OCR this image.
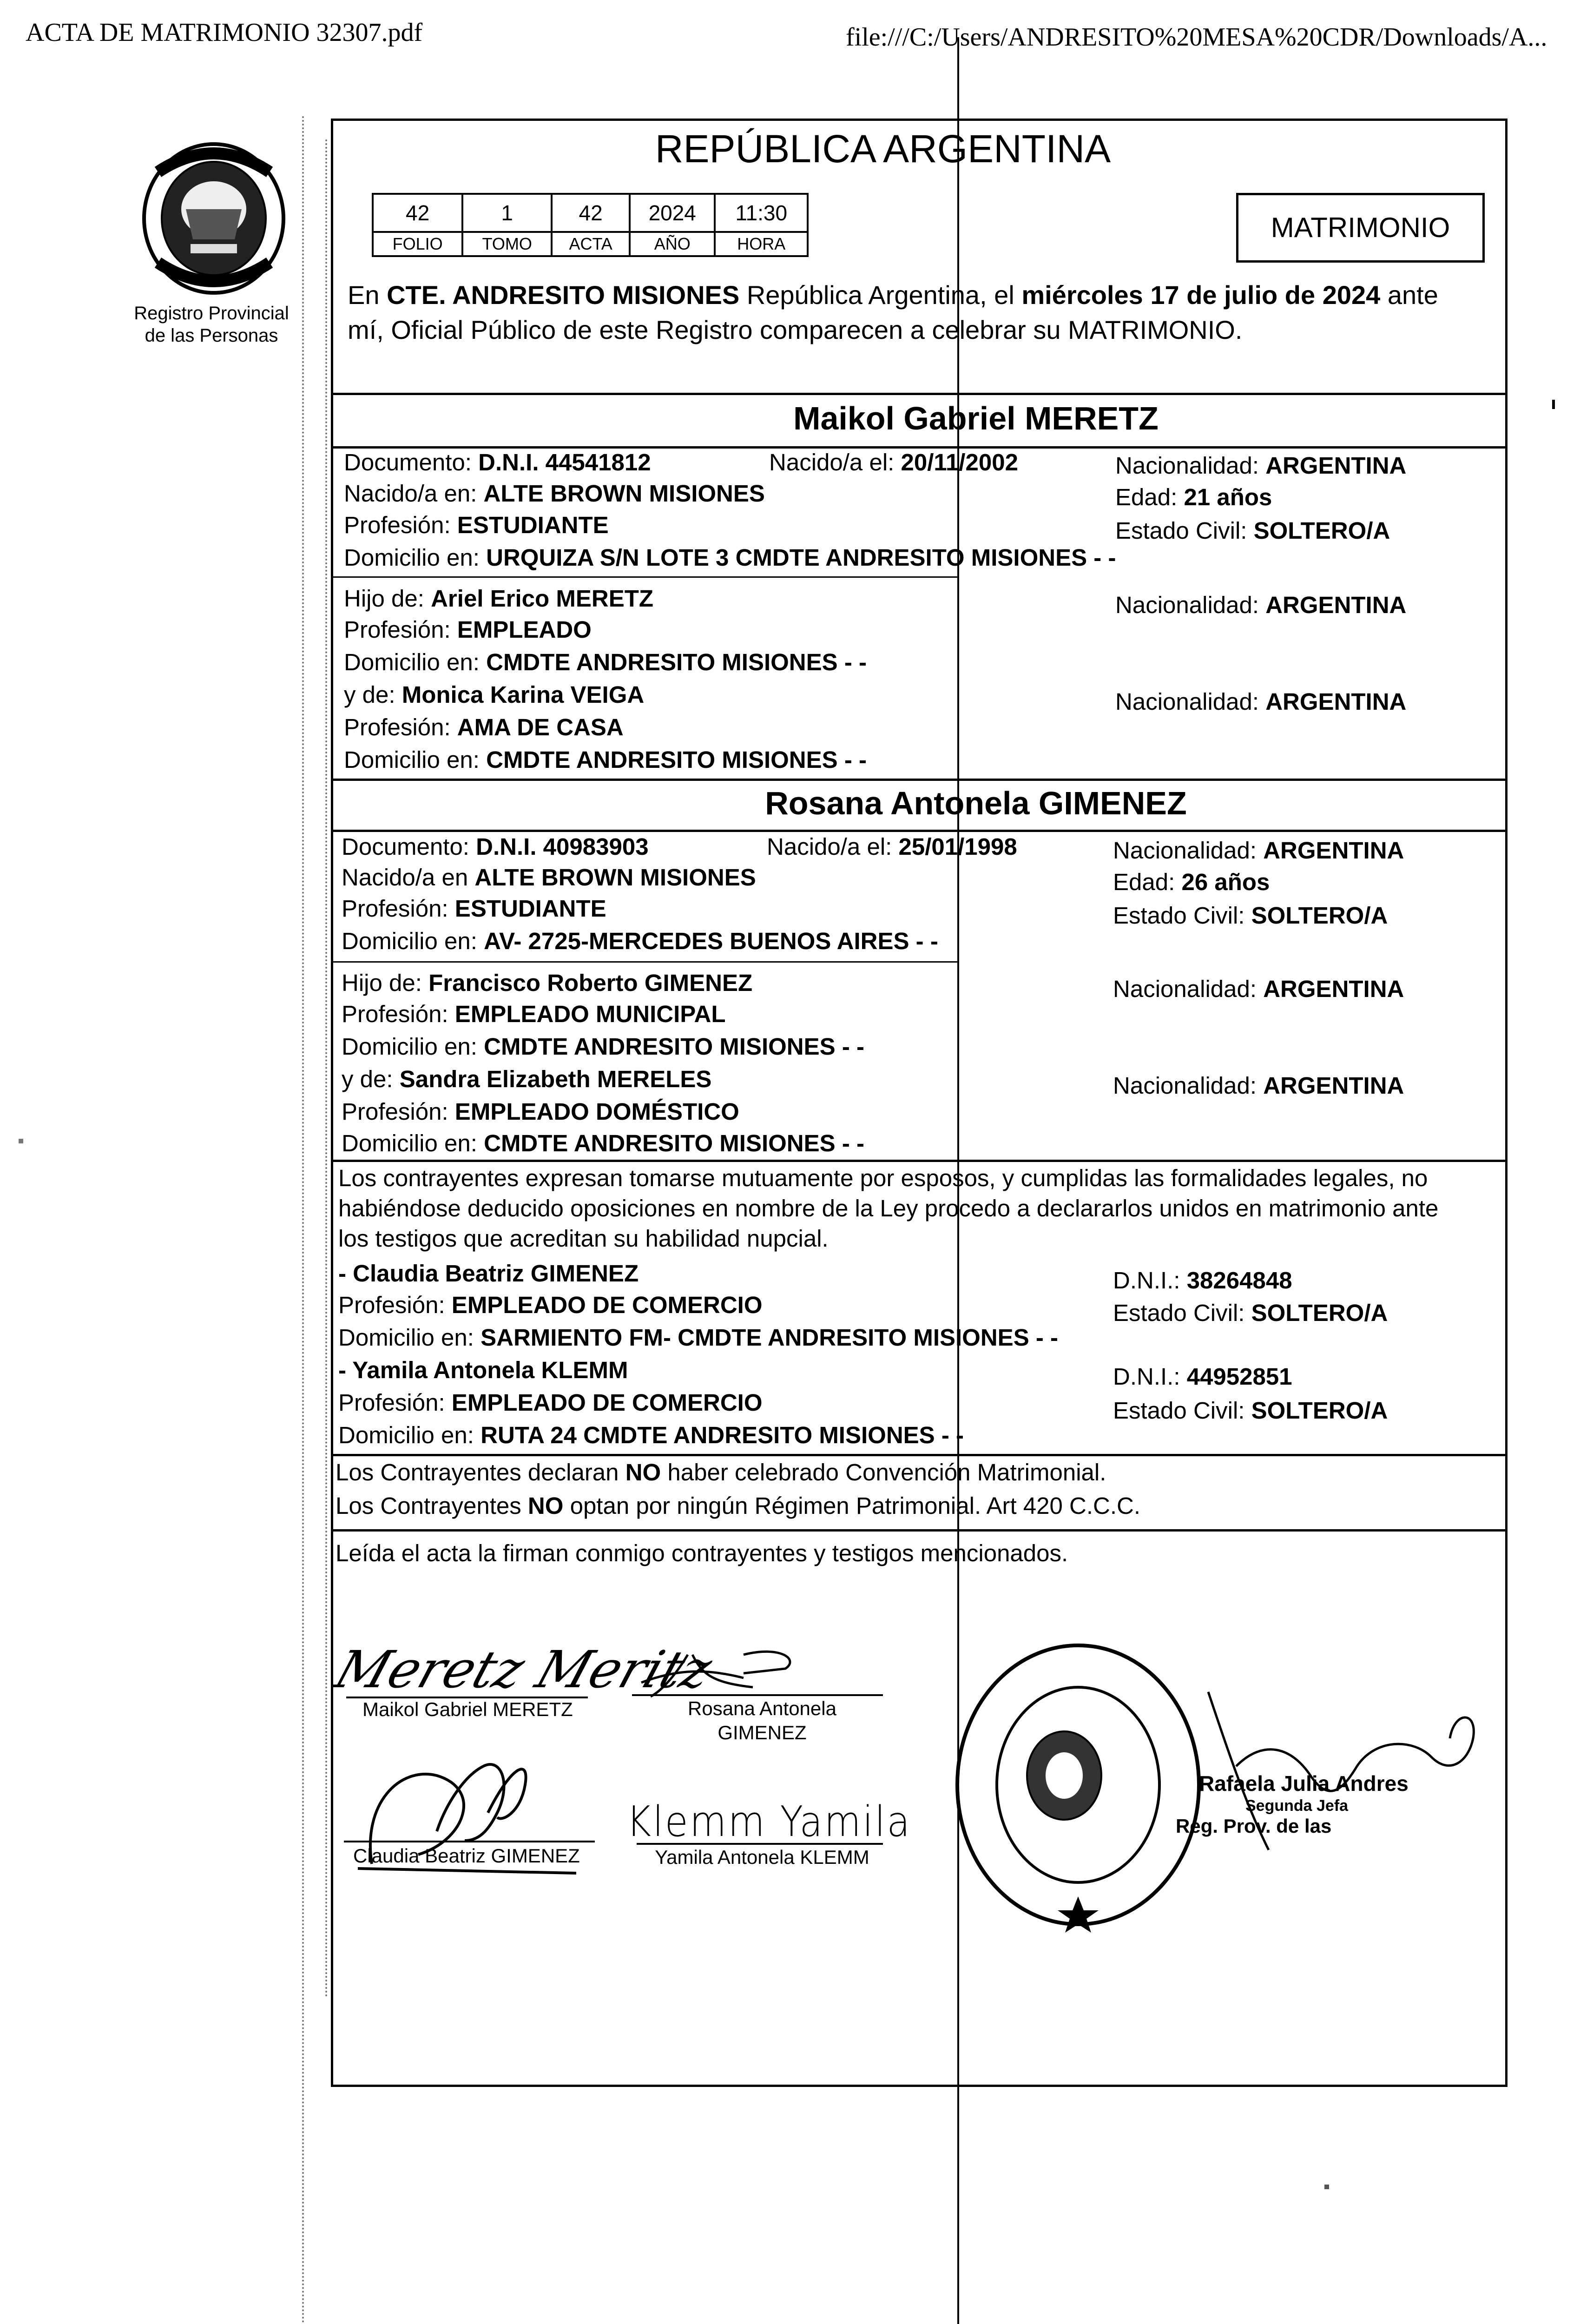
ACTA DE MATRIMONIO 32307.pdf	file:///C:/Users/ANDRESITO%20MESA%20CDR/Downloads/A...
Registro Provincial
de las Personas
REPÚBLICA ARGENTINA
42	1	42	2024	11:30
FOLIO	TOMO	ACTA	AÑO	HORA
MATRIMONIO
En CTE. ANDRESITO MISIONES República Argentina, el miércoles 17 de julio de 2024 ante
mí, Oficial Público de este Registro comparecen a celebrar su MATRIMONIO.
Maikol Gabriel MERETZ
Documento: D.N.I. 44541812	Nacido/a el: 20/11/2002	Nacionalidad: ARGENTINA
Nacido/a en: ALTE BROWN MISIONES	Edad: 21 años
Profesión: ESTUDIANTE	Estado Civil: SOLTERO/A
Domicilio en: URQUIZA S/N LOTE 3 CMDTE ANDRESITO MISIONES - -
Hijo de: Ariel Erico MERETZ	Nacionalidad: ARGENTINA
Profesión: EMPLEADO
Domicilio en: CMDTE ANDRESITO MISIONES - -
y de: Monica Karina VEIGA	Nacionalidad: ARGENTINA
Profesión: AMA DE CASA
Domicilio en: CMDTE ANDRESITO MISIONES - -
Rosana Antonela GIMENEZ
Documento: D.N.I. 40983903	Nacido/a el: 25/01/1998	Nacionalidad: ARGENTINA
Nacido/a en ALTE BROWN MISIONES	Edad: 26 años
Profesión: ESTUDIANTE	Estado Civil: SOLTERO/A
Domicilio en: AV- 2725-MERCEDES BUENOS AIRES - -
Hijo de: Francisco Roberto GIMENEZ	Nacionalidad: ARGENTINA
Profesión: EMPLEADO MUNICIPAL
Domicilio en: CMDTE ANDRESITO MISIONES - -
y de: Sandra Elizabeth MERELES	Nacionalidad: ARGENTINA
Profesión: EMPLEADO DOMÉSTICO
Domicilio en: CMDTE ANDRESITO MISIONES - -
Los contrayentes expresan tomarse mutuamente por esposos, y cumplidas las formalidades legales, no
habiéndose deducido oposiciones en nombre de la Ley procedo a declararlos unidos en matrimonio ante
los testigos que acreditan su habilidad nupcial.
- Claudia Beatriz GIMENEZ	D.N.I.: 38264848
Profesión: EMPLEADO DE COMERCIO	Estado Civil: SOLTERO/A
Domicilio en: SARMIENTO FM- CMDTE ANDRESITO MISIONES - -
- Yamila Antonela KLEMM	D.N.I.: 44952851
Profesión: EMPLEADO DE COMERCIO	Estado Civil: SOLTERO/A
Domicilio en: RUTA 24 CMDTE ANDRESITO MISIONES - -
Los Contrayentes declaran NO haber celebrado Convención Matrimonial.
Los Contrayentes NO optan por ningún Régimen Patrimonial. Art 420 C.C.C.
Leída el acta la firman conmigo contrayentes y testigos mencionados.
Meretz Meritz
Maikol Gabriel MERETZ	Rosana Antonela
GIMENEZ
Claudia Beatriz GIMENEZ
Klemm Yamila
Yamila Antonela KLEMM
Rafaela Julia Andres
Segunda Jefa
Reg. Prov. de las
